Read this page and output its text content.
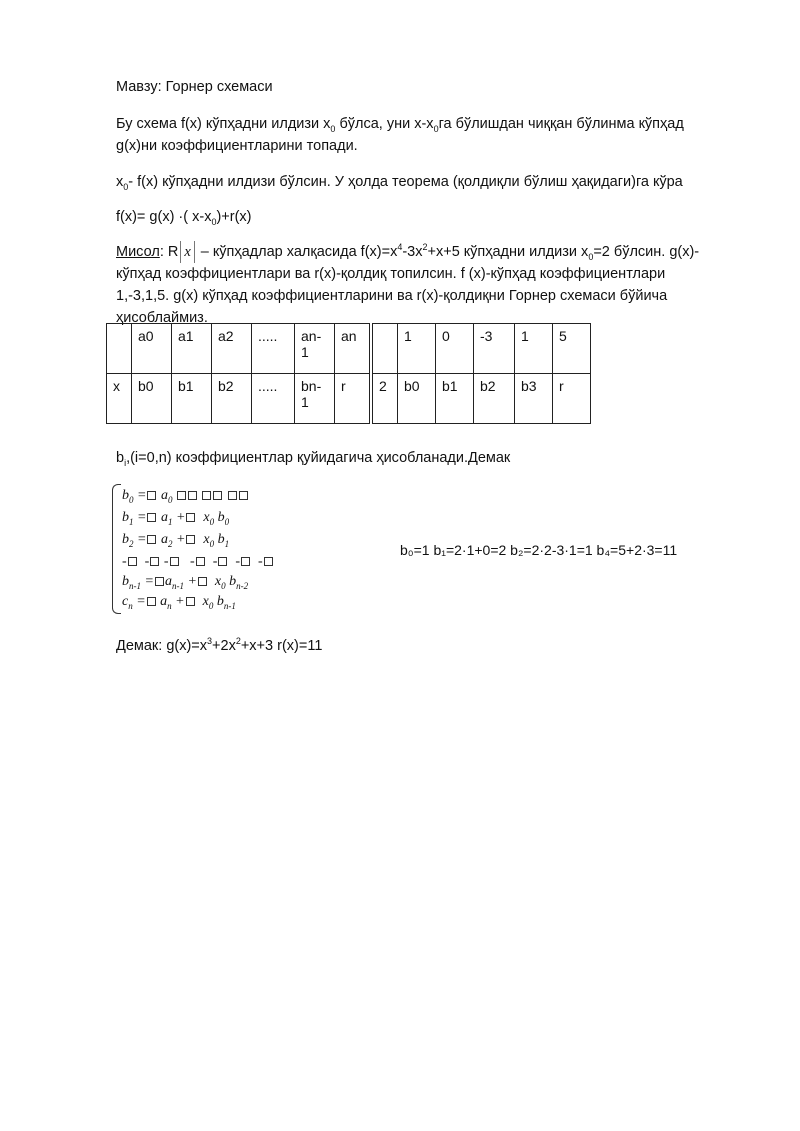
Мавзу: Горнер схемаси
Бу схема f(x) кўпҳадни илдизи $x_0$ бўлса, уни $x-x_0га$ бўлишдан чиққан бўлинма кўпҳад g(x)ни коэффициентларини топади.
$x_0-$ f(x) кўпҳадни илдизи бўлсин. У ҳолда теорема (қолдиқли бўлиш ҳақидаги)га кўра
f(x)= g(x) ·( $x-x_0)+r(x)$
Мисол: R x – кўпҳадлар халқасида $f(x)=x^4-3x^2+x+5$ кўпҳадни илдизи $x_0=2$ бўлсин. g(x)-кўпҳад коэффициентлари ва r(x)-қолдиқ топилсин. f (x)-кўпҳад коэффициентлари 1,-3,1,5. g(x) кўпҳад коэффициентларини ва r(x)-қолдиқни Горнер схемаси бўйича ҳисоблаймиз.
	a0	a1	a2	.....	an-1	an
x	b0	b1	b2	.....	bn-1	r
	1	0	-3	1	5
2	b0	b1	b2	b3	r
$b_i,(i=0,n)$ коэффициентлар қуйидагича ҳисобланади.Демак
$b_0 = a_0$
$b_1 = a_1 + x_0$ $b_0$
$b_2 = a_2 + x_0$ $b_1$
-  - -   -  -  -  -
$b_{n-1} = a_{n-1} + x_0$ $b_{n-2}$
$c_n = a_n + x_0$ $b_{n-1}$
b₀=1 b₁=2·1+0=2 b₂=2·2-3·1=1 b₄=5+2·3=11
Демак: $g(x)=x^3+2x^2+x+3$ r(x)=11
